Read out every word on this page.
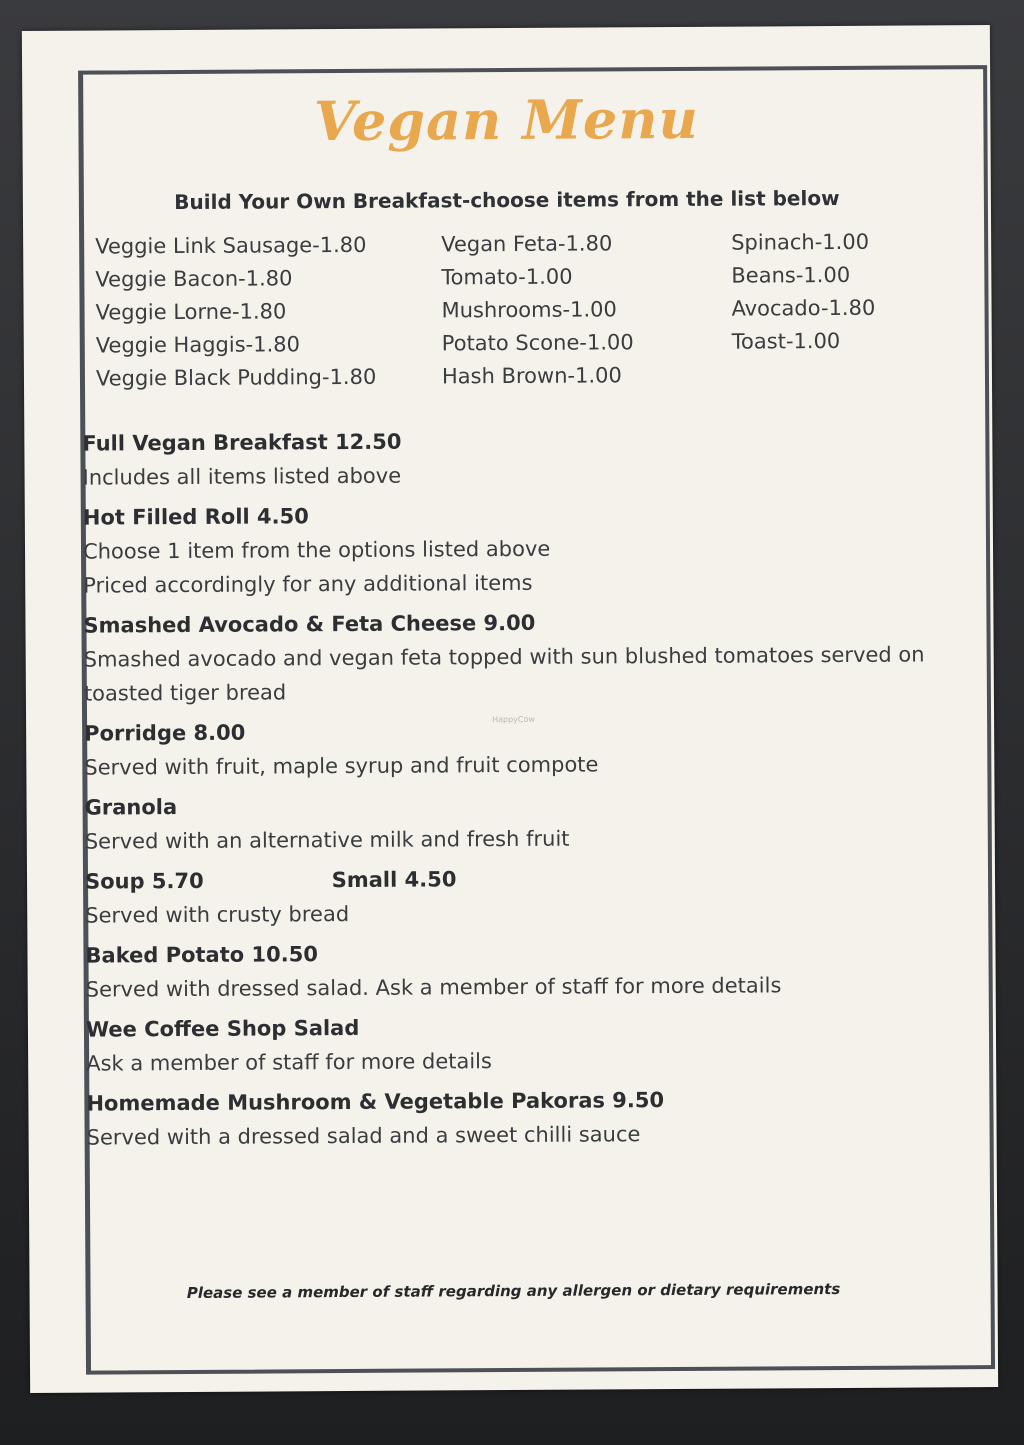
Vegan Menu
Build Your Own Breakfast-choose items from the list below
Veggie Link Sausage-1.80
Veggie Bacon-1.80
Veggie Lorne-1.80
Veggie Haggis-1.80
Veggie Black Pudding-1.80
Vegan Feta-1.80
Tomato-1.00
Mushrooms-1.00
Potato Scone-1.00
Hash Brown-1.00
Spinach-1.00
Beans-1.00
Avocado-1.80
Toast-1.00
Full Vegan Breakfast 12.50
Includes all items listed above
Hot Filled Roll 4.50
Choose 1 item from the options listed above
Priced accordingly for any additional items
Smashed Avocado & Feta Cheese 9.00
Smashed avocado and vegan feta topped with sun blushed tomatoes served on
toasted tiger bread
Porridge 8.00
Served with fruit, maple syrup and fruit compote
Granola
Served with an alternative milk and fresh fruit
Soup 5.70	Small 4.50
Served with crusty bread
Baked Potato 10.50
Served with dressed salad. Ask a member of staff for more details
Wee Coffee Shop Salad
Ask a member of staff for more details
Homemade Mushroom & Vegetable Pakoras 9.50
Served with a dressed salad and a sweet chilli sauce
HappyCow
Please see a member of staff regarding any allergen or dietary requirements
